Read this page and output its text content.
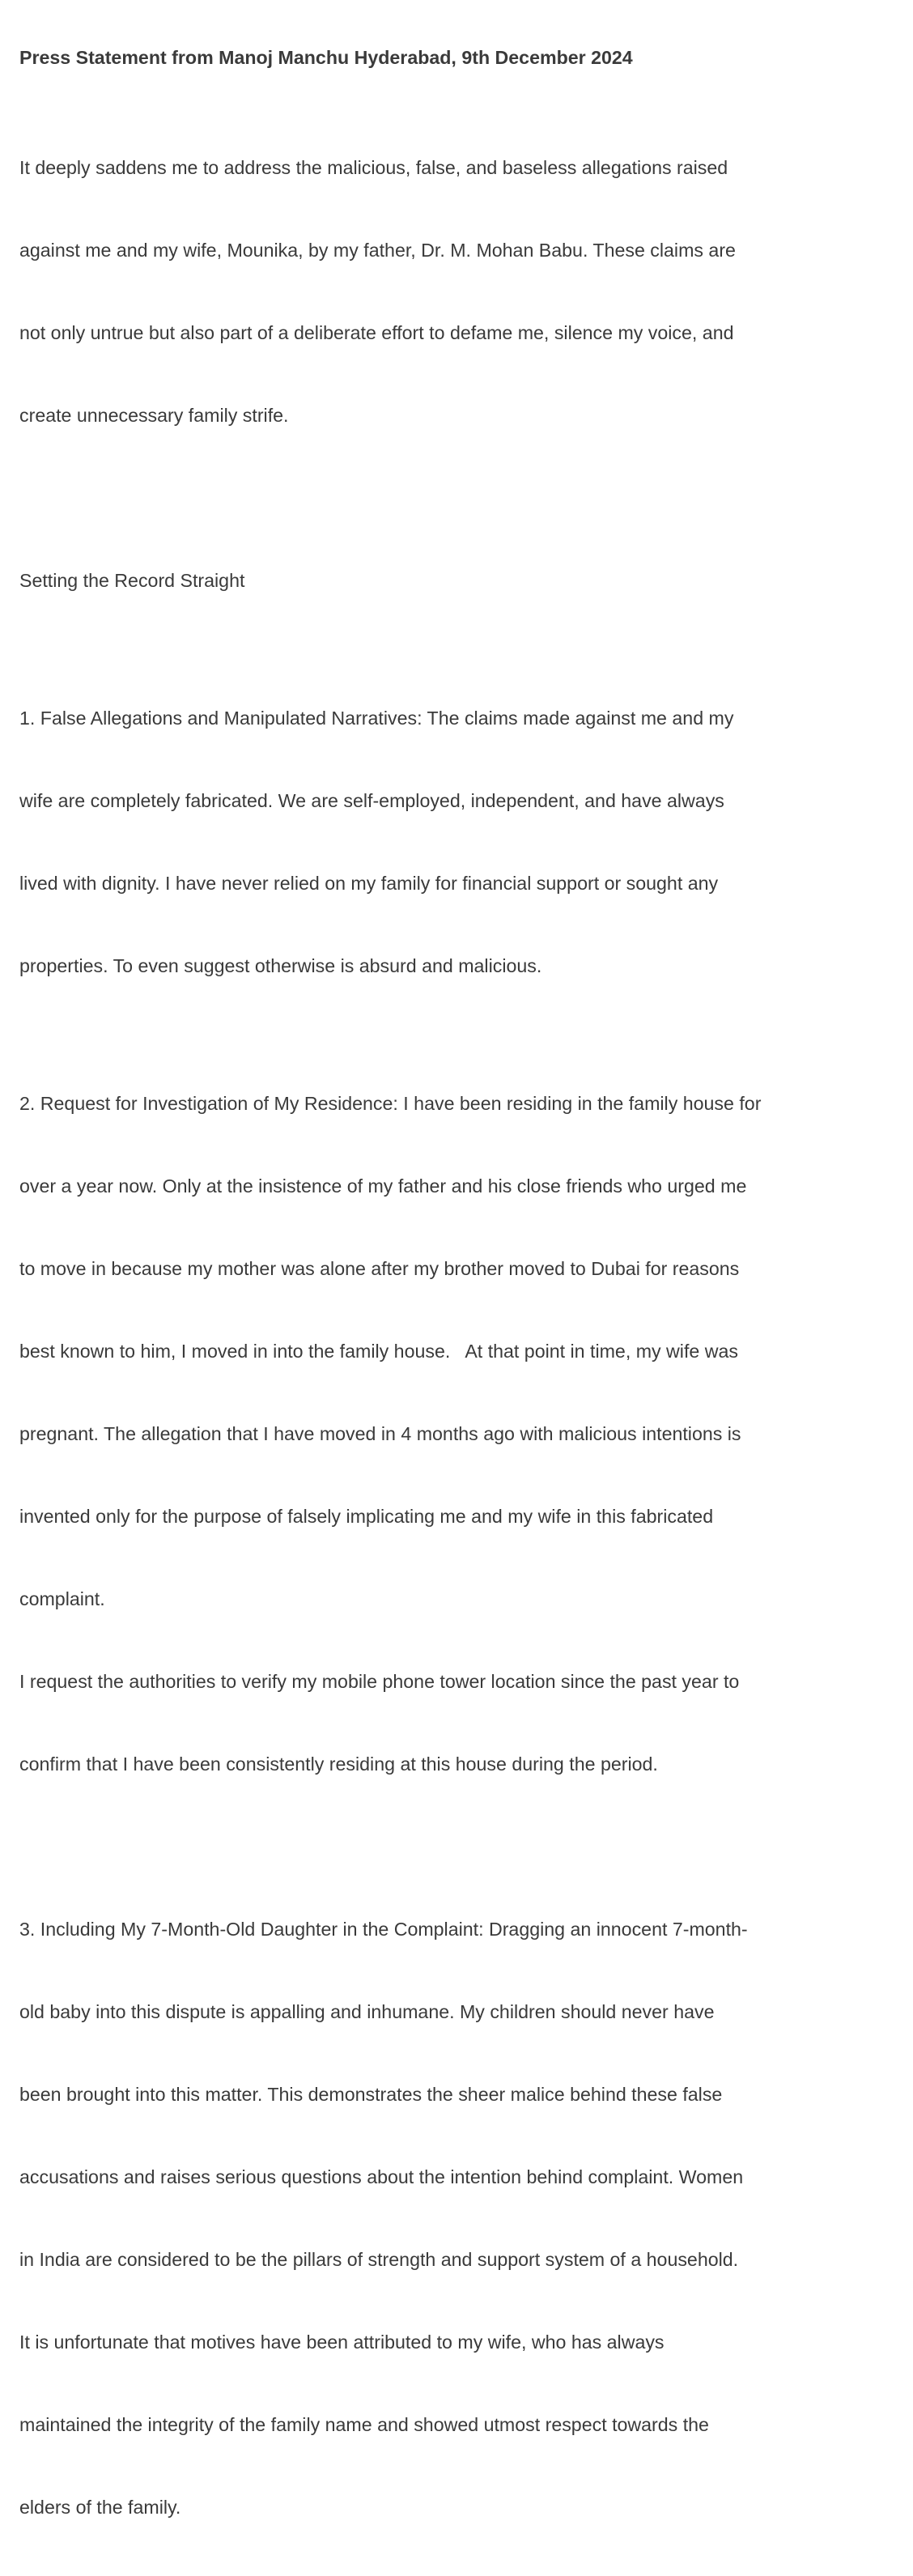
Press Statement from Manoj Manchu Hyderabad, 9th December 2024

It deeply saddens me to address the malicious, false, and baseless allegations raised

against me and my wife, Mounika, by my father, Dr. M. Mohan Babu. These claims are

not only untrue but also part of a deliberate effort to defame me, silence my voice, and

create unnecessary family strife.

Setting the Record Straight

1. False Allegations and Manipulated Narratives: The claims made against me and my

wife are completely fabricated. We are self-employed, independent, and have always

lived with dignity. I have never relied on my family for financial support or sought any

properties. To even suggest otherwise is absurd and malicious.

2. Request for Investigation of My Residence: I have been residing in the family house for

over a year now. Only at the insistence of my father and his close friends who urged me

to move in because my mother was alone after my brother moved to Dubai for reasons

best known to him, I moved in into the family house.   At that point in time, my wife was

pregnant. The allegation that I have moved in 4 months ago with malicious intentions is

invented only for the purpose of falsely implicating me and my wife in this fabricated

complaint.

I request the authorities to verify my mobile phone tower location since the past year to

confirm that I have been consistently residing at this house during the period.

3. Including My 7-Month-Old Daughter in the Complaint: Dragging an innocent 7-month-

old baby into this dispute is appalling and inhumane. My children should never have

been brought into this matter. This demonstrates the sheer malice behind these false

accusations and raises serious questions about the intention behind complaint. Women

in India are considered to be the pillars of strength and support system of a household.

It is unfortunate that motives have been attributed to my wife, who has always

maintained the integrity of the family name and showed utmost respect towards the

elders of the family.
